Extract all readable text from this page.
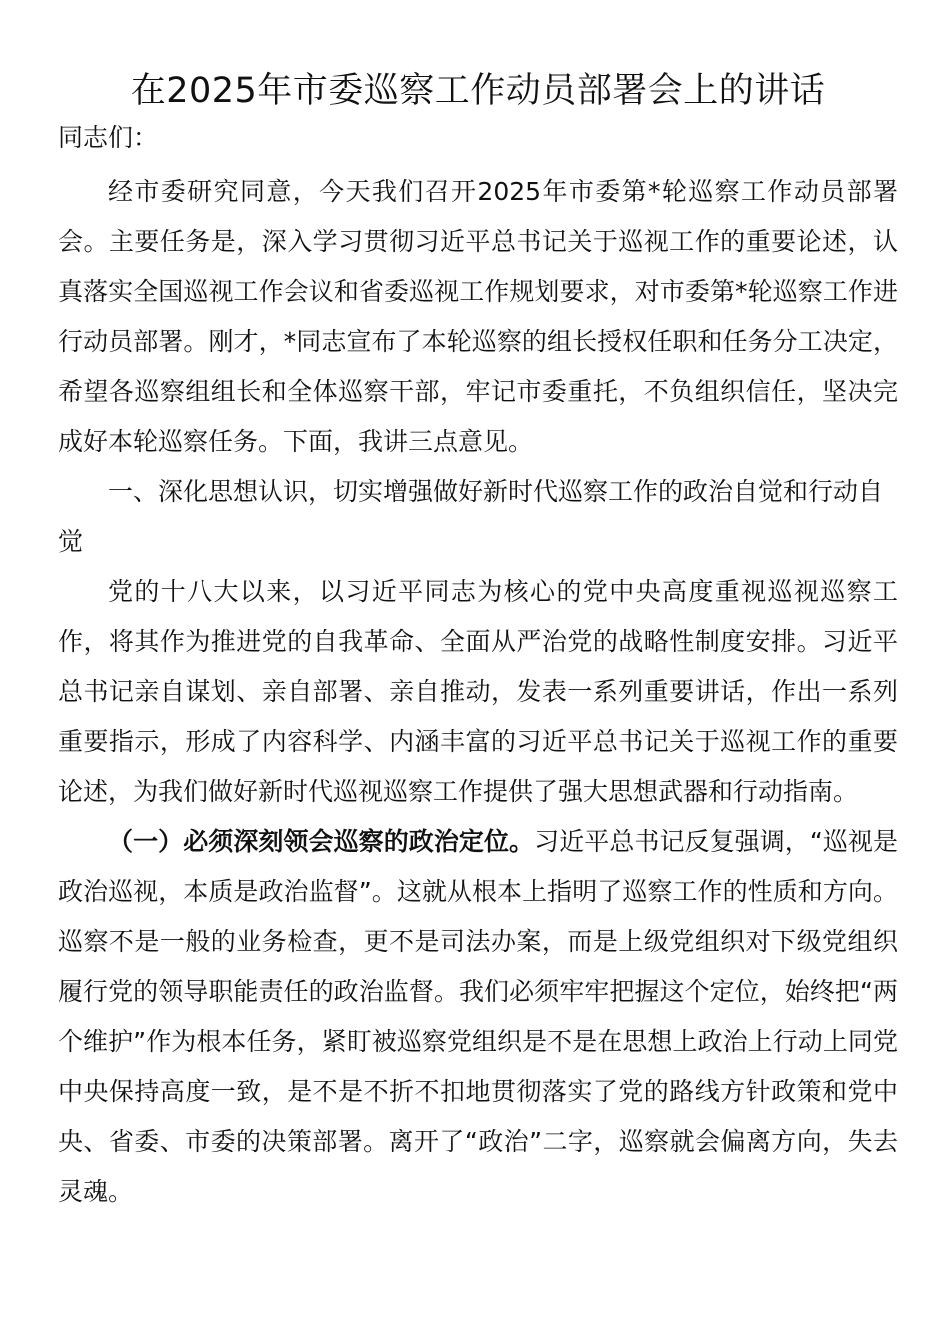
在2025年市委巡察工作动员部署会上的讲话

同志们：

经市委研究同意，今天我们召开2025年市委第*轮巡察工作动员部署会。主要任务是，深入学习贯彻习近平总书记关于巡视工作的重要论述，认真落实全国巡视工作会议和省委巡视工作规划要求，对市委第*轮巡察工作进行动员部署。刚才，*同志宣布了本轮巡察的组长授权任职和任务分工决定，希望各巡察组组长和全体巡察干部，牢记市委重托，不负组织信任，坚决完成好本轮巡察任务。下面，我讲三点意见。

一、深化思想认识，切实增强做好新时代巡察工作的政治自觉和行动自觉

党的十八大以来，以习近平同志为核心的党中央高度重视巡视巡察工作，将其作为推进党的自我革命、全面从严治党的战略性制度安排。习近平总书记亲自谋划、亲自部署、亲自推动，发表一系列重要讲话，作出一系列重要指示，形成了内容科学、内涵丰富的习近平总书记关于巡视工作的重要论述，为我们做好新时代巡视巡察工作提供了强大思想武器和行动指南。

（一）必须深刻领会巡察的政治定位。习近平总书记反复强调，“巡视是政治巡视，本质是政治监督”。这就从根本上指明了巡察工作的性质和方向。巡察不是一般的业务检查，更不是司法办案，而是上级党组织对下级党组织履行党的领导职能责任的政治监督。我们必须牢牢把握这个定位，始终把“两个维护”作为根本任务，紧盯被巡察党组织是不是在思想上政治上行动上同党中央保持高度一致，是不是不折不扣地贯彻落实了党的路线方针政策和党中央、省委、市委的决策部署。离开了“政治”二字，巡察就会偏离方向，失去灵魂。
